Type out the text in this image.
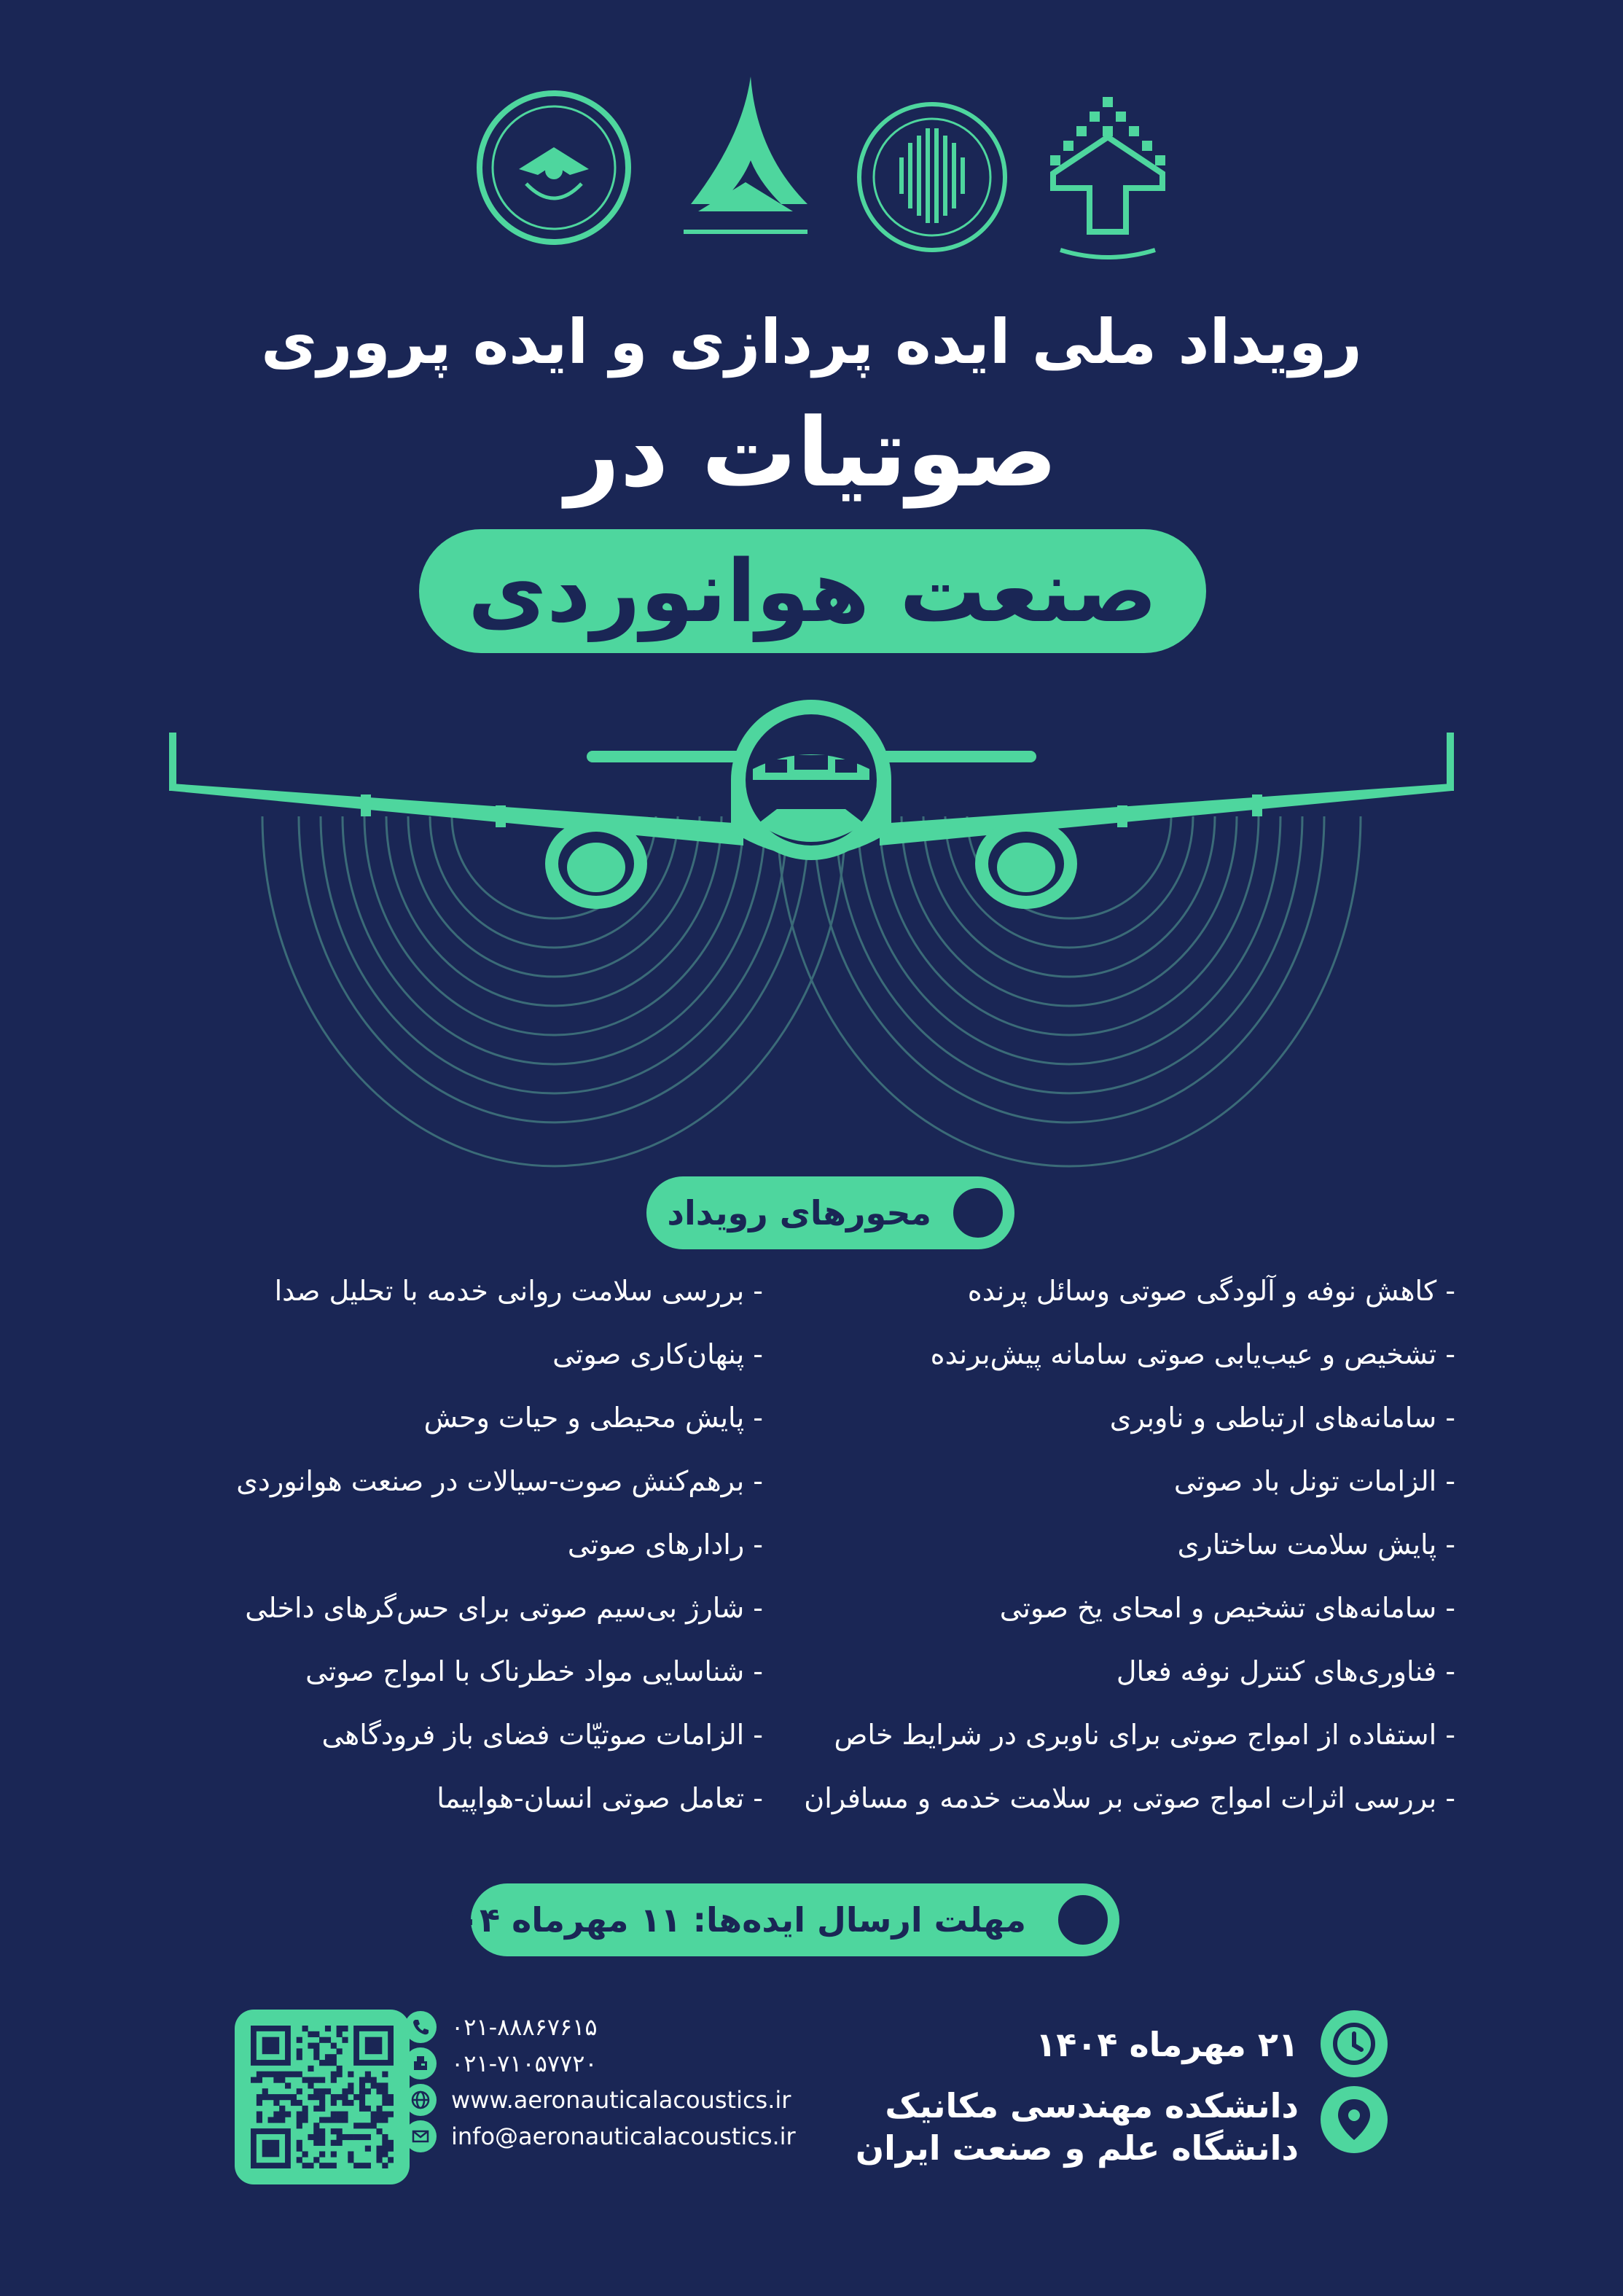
رویداد ملی ایده پردازی و ایده پروری
صوتیات در
صنعت هوانوردی
محورهای رویداد
- کاهش نوفه و آلودگی صوتی وسائل پرنده
- تشخیص و عیب‌یابی صوتی سامانه پیش‌برنده
- سامانه‌های ارتباطی و ناوبری
- الزامات تونل باد صوتی
- پایش سلامت ساختاری
- سامانه‌های تشخیص و امحای یخ صوتی
- فناوری‌های کنترل نوفه فعال
- استفاده از امواج صوتی برای ناوبری در شرایط خاص
- بررسی اثرات امواج صوتی بر سلامت خدمه و مسافران
- بررسی سلامت روانی خدمه با تحلیل صدا
- پنهان‌کاری صوتی
- پایش محیطی و حیات وحش
- برهم‌کنش صوت-سیالات در صنعت هوانوردی
- رادارهای صوتی
- شارژ بی‌سیم صوتی برای حس‌گرهای داخلی
- شناسایی مواد خطرناک با امواج صوتی
- الزامات صوتیّات فضای باز فرودگاهی
- تعامل صوتی انسان-هواپیما
مهلت ارسال ایده‌ها: ۱۱ مهرماه ۱۴۰۴
۲۱ مهرماه ۱۴۰۴
دانشکده مهندسی مکانیک
دانشگاه علم و صنعت ایران
۰۲۱-۸۸۸۶۷۶۱۵
۰۲۱-۷۱۰۵۷۷۲۰
www.aeronauticalacoustics.ir
info@aeronauticalacoustics.ir
